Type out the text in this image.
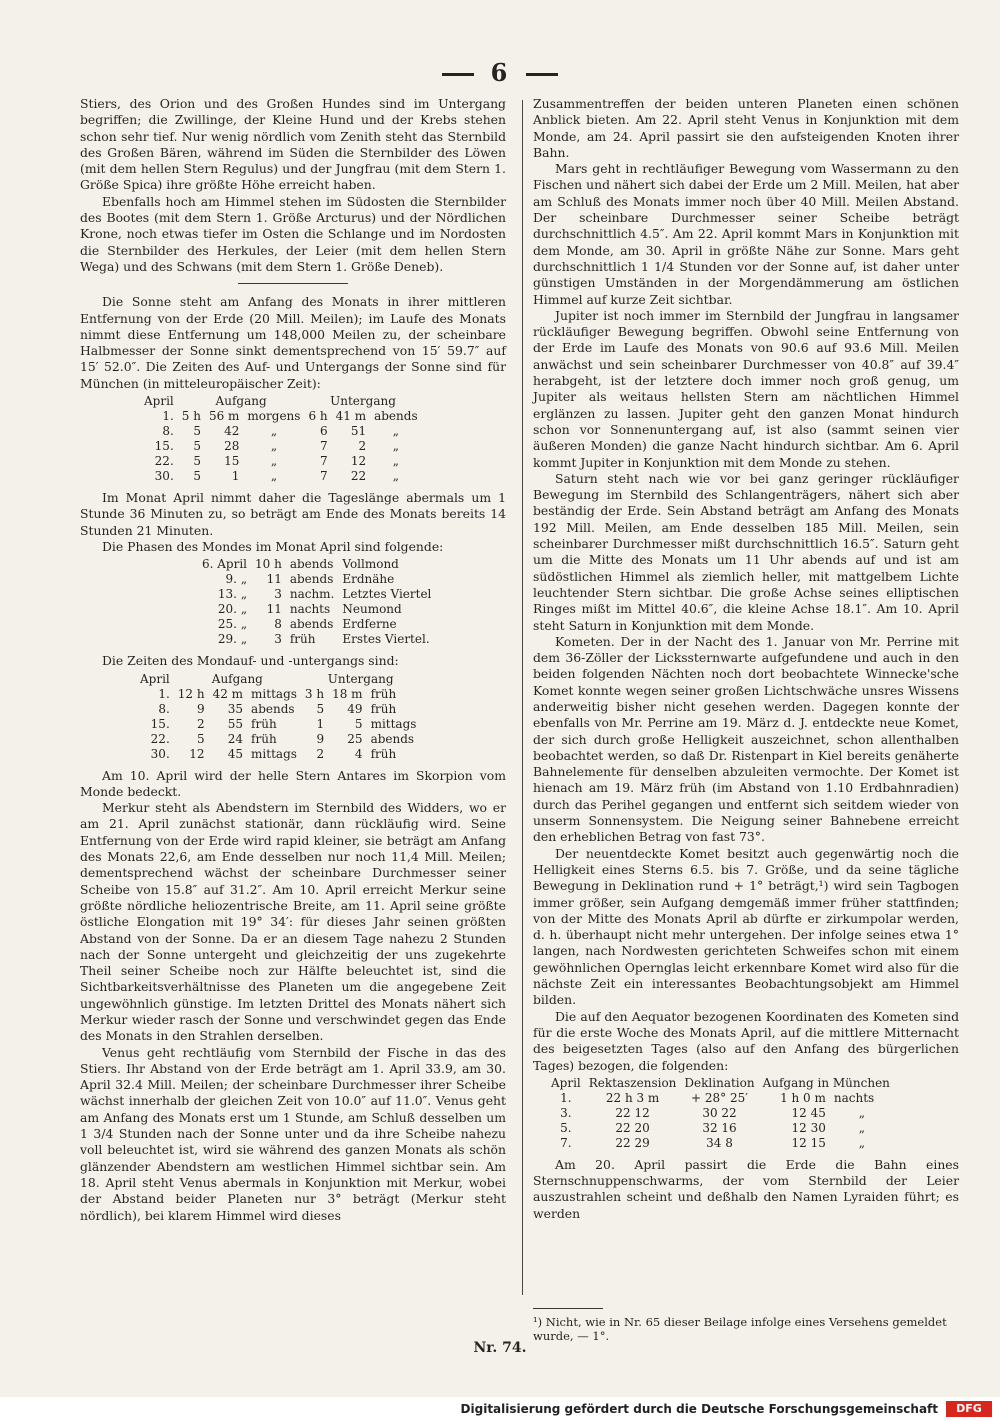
6

Stiers, des Orion und des Großen Hundes sind im Untergang begriffen; die Zwillinge, der Kleine Hund und der Krebs stehen schon sehr tief. Nur wenig nördlich vom Zenith steht das Sternbild des Großen Bären, während im Süden die Sternbilder des Löwen (mit dem hellen Stern Regulus) und der Jungfrau (mit dem Stern 1. Größe Spica) ihre größte Höhe erreicht haben.

Ebenfalls hoch am Himmel stehen im Südosten die Sternbilder des Bootes (mit dem Stern 1. Größe Arcturus) und der Nördlichen Krone, noch etwas tiefer im Osten die Schlange und im Nordosten die Sternbilder des Herkules, der Leier (mit dem hellen Stern Wega) und des Schwans (mit dem Stern 1. Größe Deneb).

Die Sonne steht am Anfang des Monats in ihrer mittleren Entfernung von der Erde (20 Mill. Meilen); im Laufe des Monats nimmt diese Entfernung um 148,000 Meilen zu, der scheinbare Halbmesser der Sonne sinkt dementsprechend von 15′ 59.7″ auf 15′ 52.0″. Die Zeiten des Auf- und Untergangs der Sonne sind für München (in mitteleuropäischer Zeit):

April	Aufgang			Untergang		
1.	5 h	56 m	morgens	6 h	41 m	abends
8.	5	42	„	6	51	„
15.	5	28	„	7	2	„
22.	5	15	„	7	12	„
30.	5	1	„	7	22	„

Im Monat April nimmt daher die Tageslänge abermals um 1 Stunde 36 Minuten zu, so beträgt am Ende des Monats bereits 14 Stunden 21 Minuten.

Die Phasen des Mondes im Monat April sind folgende:

6. April	10 h	abends	Vollmond
9. „	11	abends	Erdnähe
13. „	3	nachm.	Letztes Viertel
20. „	11	nachts	Neumond
25. „	8	abends	Erdferne
29. „	3	früh	Erstes Viertel.

Die Zeiten des Mondauf- und -untergangs sind:

April	Aufgang			Untergang		
1.	12 h	42 m	mittags	3 h	18 m	früh
8.	9	35	abends	5	49	früh
15.	2	55	früh	1	5	mittags
22.	5	24	früh	9	25	abends
30.	12	45	mittags	2	4	früh

Am 10. April wird der helle Stern Antares im Skorpion vom Monde bedeckt.

Merkur steht als Abendstern im Sternbild des Widders, wo er am 21. April zunächst stationär, dann rückläufig wird. Seine Entfernung von der Erde wird rapid kleiner, sie beträgt am Anfang des Monats 22,6, am Ende desselben nur noch 11,4 Mill. Meilen; dementsprechend wächst der scheinbare Durchmesser seiner Scheibe von 15.8″ auf 31.2″. Am 10. April erreicht Merkur seine größte nördliche heliozentrische Breite, am 11. April seine größte östliche Elongation mit 19° 34′: für dieses Jahr seinen größten Abstand von der Sonne. Da er an diesem Tage nahezu 2 Stunden nach der Sonne untergeht und gleichzeitig der uns zugekehrte Theil seiner Scheibe noch zur Hälfte beleuchtet ist, sind die Sichtbarkeitsverhältnisse des Planeten um die angegebene Zeit ungewöhnlich günstige. Im letzten Drittel des Monats nähert sich Merkur wieder rasch der Sonne und verschwindet gegen das Ende des Monats in den Strahlen derselben.

Venus geht rechtläufig vom Sternbild der Fische in das des Stiers. Ihr Abstand von der Erde beträgt am 1. April 33.9, am 30. April 32.4 Mill. Meilen; der scheinbare Durchmesser ihrer Scheibe wächst innerhalb der gleichen Zeit von 10.0″ auf 11.0″. Venus geht am Anfang des Monats erst um 1 Stunde, am Schluß desselben um 1 3/4 Stunden nach der Sonne unter und da ihre Scheibe nahezu voll beleuchtet ist, wird sie während des ganzen Monats als schön glänzender Abendstern am westlichen Himmel sichtbar sein. Am 18. April steht Venus abermals in Konjunktion mit Merkur, wobei der Abstand beider Planeten nur 3° beträgt (Merkur steht nördlich), bei klarem Himmel wird dieses

Zusammentreffen der beiden unteren Planeten einen schönen Anblick bieten. Am 22. April steht Venus in Konjunktion mit dem Monde, am 24. April passirt sie den aufsteigenden Knoten ihrer Bahn.

Mars geht in rechtläufiger Bewegung vom Wassermann zu den Fischen und nähert sich dabei der Erde um 2 Mill. Meilen, hat aber am Schluß des Monats immer noch über 40 Mill. Meilen Abstand. Der scheinbare Durchmesser seiner Scheibe beträgt durchschnittlich 4.5″. Am 22. April kommt Mars in Konjunktion mit dem Monde, am 30. April in größte Nähe zur Sonne. Mars geht durchschnittlich 1 1/4 Stunden vor der Sonne auf, ist daher unter günstigen Umständen in der Morgendämmerung am östlichen Himmel auf kurze Zeit sichtbar.

Jupiter ist noch immer im Sternbild der Jungfrau in langsamer rückläufiger Bewegung begriffen. Obwohl seine Entfernung von der Erde im Laufe des Monats von 90.6 auf 93.6 Mill. Meilen anwächst und sein scheinbarer Durchmesser von 40.8″ auf 39.4″ herabgeht, ist der letztere doch immer noch groß genug, um Jupiter als weitaus hellsten Stern am nächtlichen Himmel erglänzen zu lassen. Jupiter geht den ganzen Monat hindurch schon vor Sonnenuntergang auf, ist also (sammt seinen vier äußeren Monden) die ganze Nacht hindurch sichtbar. Am 6. April kommt Jupiter in Konjunktion mit dem Monde zu stehen.

Saturn steht nach wie vor bei ganz geringer rückläufiger Bewegung im Sternbild des Schlangenträgers, nähert sich aber beständig der Erde. Sein Abstand beträgt am Anfang des Monats 192 Mill. Meilen, am Ende desselben 185 Mill. Meilen, sein scheinbarer Durchmesser mißt durchschnittlich 16.5″. Saturn geht um die Mitte des Monats um 11 Uhr abends auf und ist am südöstlichen Himmel als ziemlich heller, mit mattgelbem Lichte leuchtender Stern sichtbar. Die große Achse seines elliptischen Ringes mißt im Mittel 40.6″, die kleine Achse 18.1″. Am 10. April steht Saturn in Konjunktion mit dem Monde.

Kometen. Der in der Nacht des 1. Januar von Mr. Perrine mit dem 36-Zöller der Lickssternwarte aufgefundene und auch in den beiden folgenden Nächten noch dort beobachtete Winnecke'sche Komet konnte wegen seiner großen Lichtschwäche unsres Wissens anderweitig bisher nicht gesehen werden. Dagegen konnte der ebenfalls von Mr. Perrine am 19. März d. J. entdeckte neue Komet, der sich durch große Helligkeit auszeichnet, schon allenthalben beobachtet werden, so daß Dr. Ristenpart in Kiel bereits genäherte Bahnelemente für denselben abzuleiten vermochte. Der Komet ist hienach am 19. März früh (im Abstand von 1.10 Erdbahnradien) durch das Perihel gegangen und entfernt sich seitdem wieder von unserm Sonnensystem. Die Neigung seiner Bahnebene erreicht den erheblichen Betrag von fast 73°.

Der neuentdeckte Komet besitzt auch gegenwärtig noch die Helligkeit eines Sterns 6.5. bis 7. Größe, und da seine tägliche Bewegung in Deklination rund + 1° beträgt,¹) wird sein Tagbogen immer größer, sein Aufgang demgemäß immer früher stattfinden; von der Mitte des Monats April ab dürfte er zirkumpolar werden, d. h. überhaupt nicht mehr untergehen. Der infolge seines etwa 1° langen, nach Nordwesten gerichteten Schweifes schon mit einem gewöhnlichen Opernglas leicht erkennbare Komet wird also für die nächste Zeit ein interessantes Beobachtungsobjekt am Himmel bilden.

Die auf den Aequator bezogenen Koordinaten des Kometen sind für die erste Woche des Monats April, auf die mittlere Mitternacht des beigesetzten Tages (also auf den Anfang des bürgerlichen Tages) bezogen, die folgenden:

April	Rektaszension	Deklination	Aufgang in München	
1.	22 h 3 m	+ 28° 25′	1 h 0 m	nachts
3.	22 12	30 22	12 45	„
5.	22 20	32 16	12 30	„
7.	22 29	34 8	12 15	„

Am 20. April passirt die Erde die Bahn eines Sternschnuppenschwarms, der vom Sternbild der Leier auszustrahlen scheint und deßhalb den Namen Lyraiden führt; es werden

¹) Nicht, wie in Nr. 65 dieser Beilage infolge eines Versehens gemeldet wurde, — 1°.
Nr. 74.
Digitalisierung gefördert durch die Deutsche Forschungsgemeinschaft	DFG
